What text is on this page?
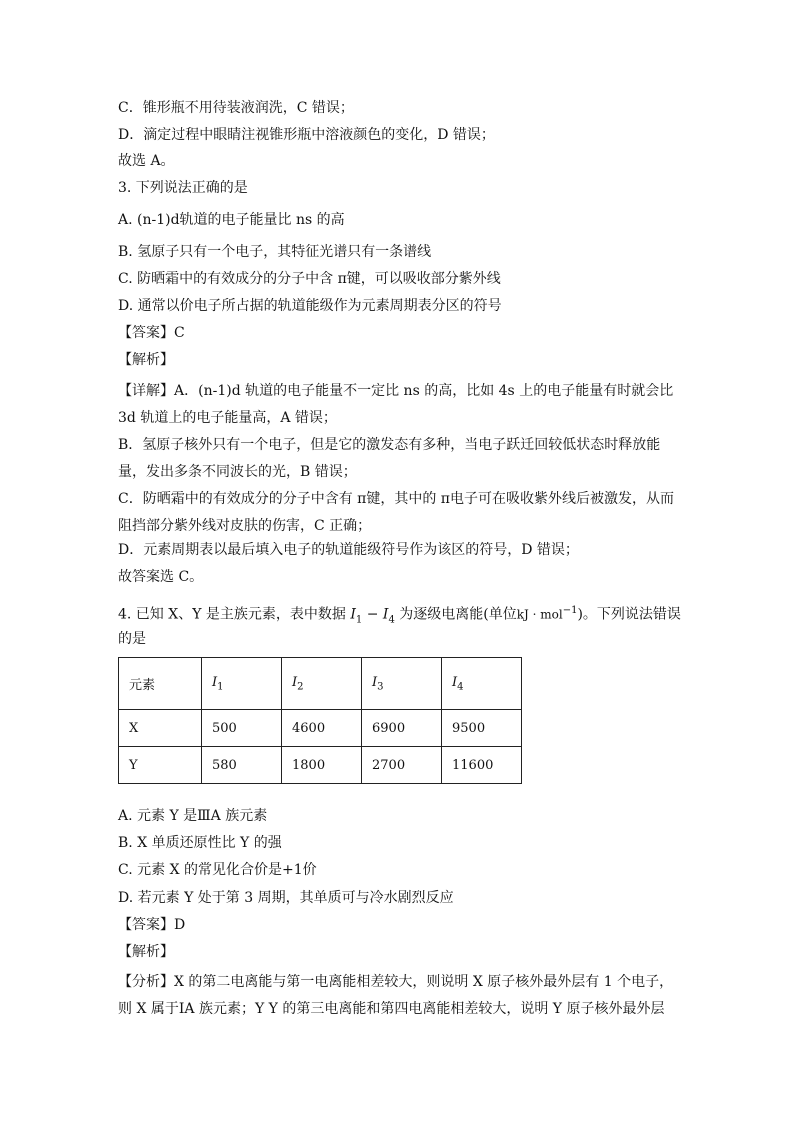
C．锥形瓶不用待装液润洗，C 错误；
D．滴定过程中眼睛注视锥形瓶中溶液颜色的变化，D 错误；
故选 A。
3. 下列说法正确的是
A. (n-1)d轨道的电子能量比 ns 的高
B. 氢原子只有一个电子，其特征光谱只有一条谱线
C. 防晒霜中的有效成分的分子中含 π键，可以吸收部分紫外线
D. 通常以价电子所占据的轨道能级作为元素周期表分区的符号
【答案】C
【解析】
【详解】A．(n-1)d 轨道的电子能量不一定比 ns 的高，比如 4s 上的电子能量有时就会比 3d 轨道上的电子能量高，A 错误；
B．氢原子核外只有一个电子，但是它的激发态有多种，当电子跃迁回较低状态时释放能量，发出多条不同波长的光，B 错误；
C．防晒霜中的有效成分的分子中含有 π键，其中的 π电子可在吸收紫外线后被激发，从而阻挡部分紫外线对皮肤的伤害，C 正确；
D．元素周期表以最后填入电子的轨道能级符号作为该区的符号，D 错误；
故答案选 C。
4. 已知 X、Y 是主族元素，表中数据 $I_1 - I_4$ 为逐级电离能(单位kJ · mol$^{-1}$)。下列说法错误
的是
元素	$I_1$	$I_2$	$I_3$	$I_4$
X	500	4600	6900	9500
Y	580	1800	2700	11600
A. 元素 Y 是ⅢA 族元素
B. X 单质还原性比 Y 的强
C. 元素 X 的常见化合价是+1价
D. 若元素 Y 处于第 3 周期，其单质可与冷水剧烈反应
【答案】D
【解析】
【分析】X 的第二电离能与第一电离能相差较大，则说明 X 原子核外最外层有 1 个电子，则 X 属于ⅠA 族元素；Y Y 的第三电离能和第四电离能相差较大，说明 Y 原子核外最外层
